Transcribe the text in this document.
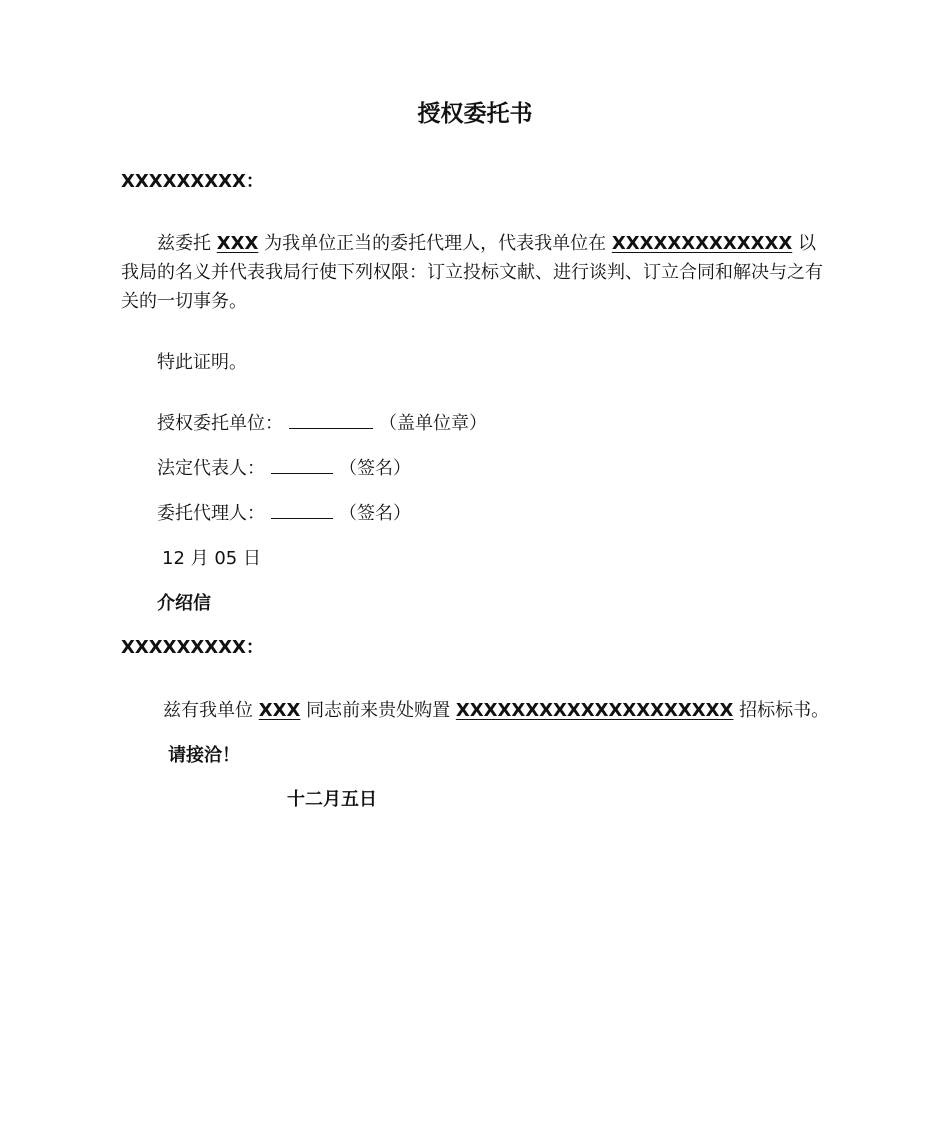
授权委托书
XXXXXXXXX：
兹委托 XXX 为我单位正当的委托代理人，代表我单位在 XXXXXXXXXXXXX 以我局的名义并代表我局行使下列权限：订立投标文献、进行谈判、订立合同和解决与之有关的一切事务。
特此证明。
授权委托单位：	（盖单位章）
法定代表人：	（签名）
委托代理人：	（签名）
12 月 05 日
介绍信
XXXXXXXXX：
兹有我单位 XXX 同志前来贵处购置 XXXXXXXXXXXXXXXXXXXX 招标标书。
请接洽！
十二月五日
